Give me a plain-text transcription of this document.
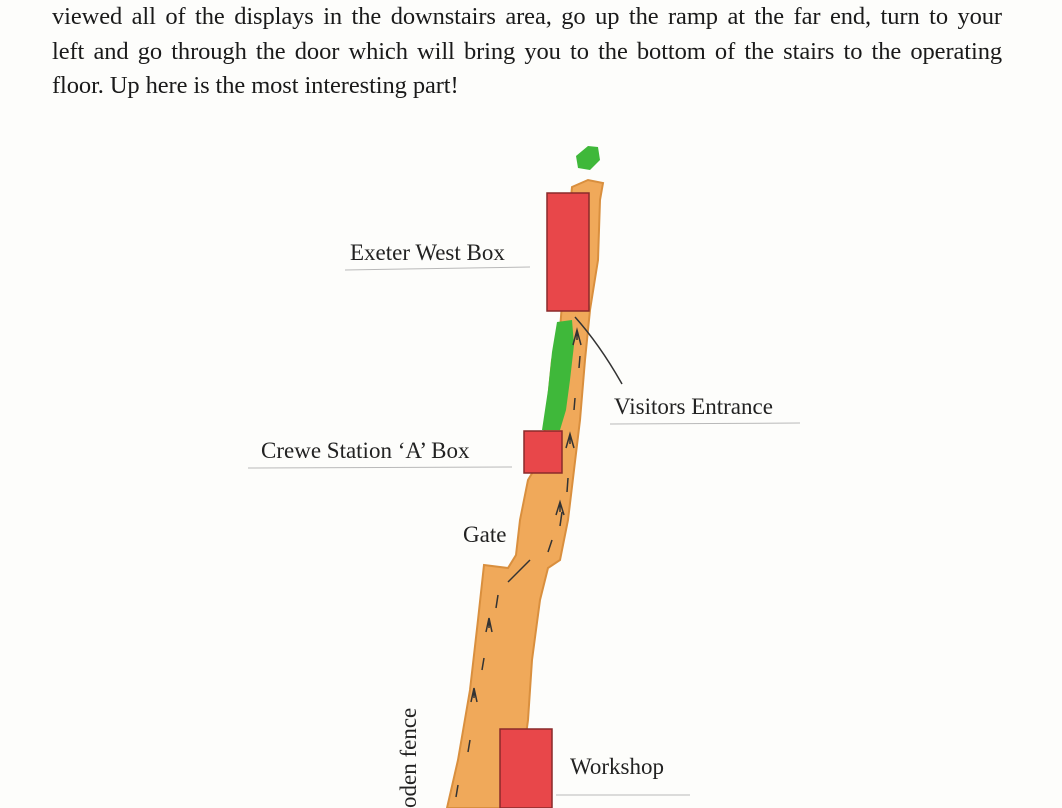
viewed all of the displays in the downstairs area, go up the ramp at the far end, turn to your
left and go through the door which will bring you to the bottom of the stairs to the operating
floor. Up here is the most interesting part!

Exeter West Box
Visitors Entrance
Crewe Station ‘A’ Box
Gate
Workshop
oden fence
